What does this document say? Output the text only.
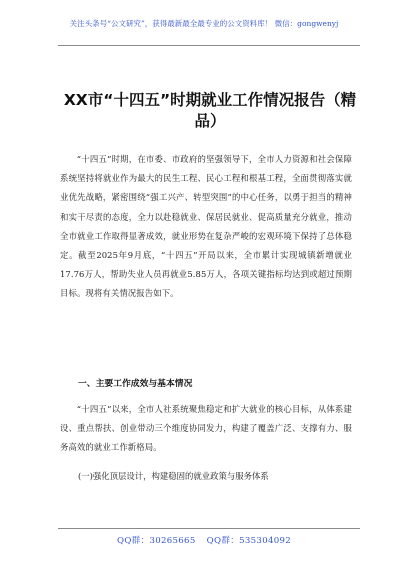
关注头条号“公文研究”，获得最新最全最专业的公文资料库！ 微信：gongwenyj
XX市“十四五”时期就业工作情况报告（精品）
“十四五”时期，在市委、市政府的坚强领导下，全市人力资源和社会保障系统坚持将就业作为最大的民生工程、民心工程和根基工程，全面贯彻落实就业优先战略，紧密围绕“强工兴产、转型突围”的中心任务，以勇于担当的精神和实干尽责的态度，全力以赴稳就业、保居民就业、促高质量充分就业，推动全市就业工作取得显著成效，就业形势在复杂严峻的宏观环境下保持了总体稳定。截至2025年9月底，“十四五”开局以来，全市累计实现城镇新增就业17.76万人，帮助失业人员再就业5.85万人，各项关键指标均达到或超过预期目标。现将有关情况报告如下。
一、主要工作成效与基本情况
“十四五”以来，全市人社系统聚焦稳定和扩大就业的核心目标，从体系建设、重点帮扶、创业带动三个维度协同发力，构建了覆盖广泛、支撑有力、服务高效的就业工作新格局。
(一)强化顶层设计，构建稳固的就业政策与服务体系
QQ群：30265665 QQ群：535304092
